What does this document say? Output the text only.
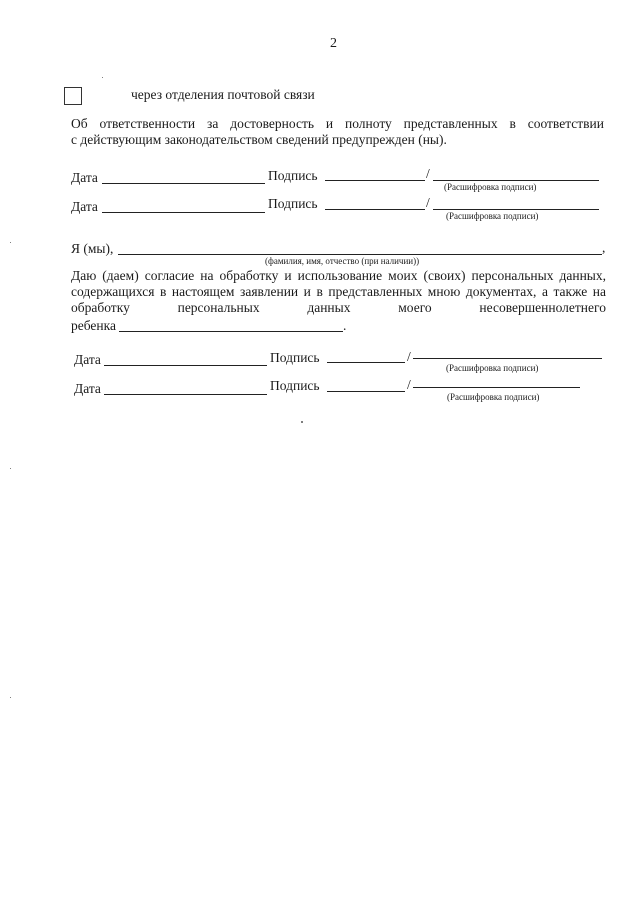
2
через отделения почтовой связи
Об ответственности за достоверность и полноту представленных в соответствии
с действующим законодательством сведений предупрежден (ны).
Дата	Подпись	/
(Расшифровка подписи)
Дата	Подпись	/
(Расшифровка подписи)
Я (мы),	,
(фамилия, имя, отчество (при наличии))
Даю (даем) согласие на обработку и использование моих (своих) персональных данных,
содержащихся в настоящем заявлении и в представленных мною документах, а также на
обработку	персональных	данных	моего	несовершеннолетнего
ребенка	.
Дата	Подпись	/
(Расшифровка подписи)
Дата	Подпись	/
(Расшифровка подписи)
